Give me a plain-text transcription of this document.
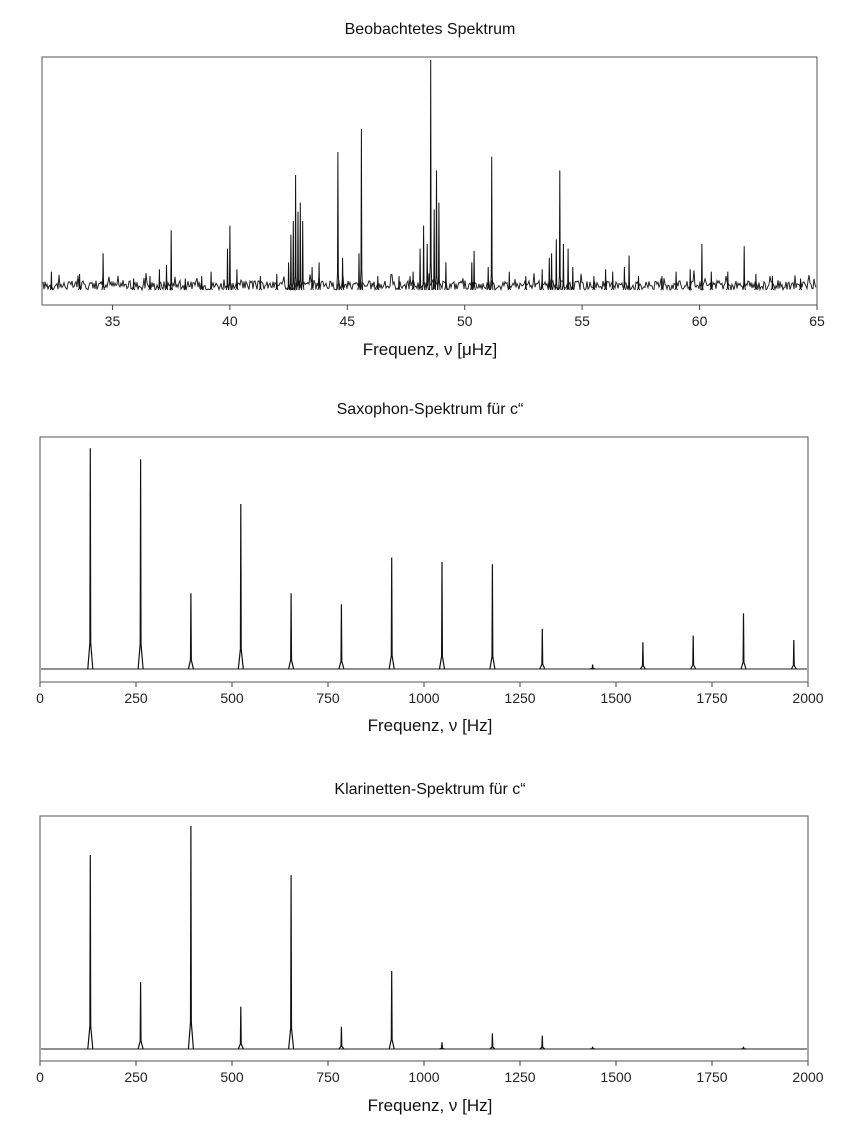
Beobachtetes Spektrum
Frequenz, ν [μHz]
35	40	45	50	55	60	65
Saxophon-Spektrum für c“
Frequenz, ν [Hz]
0	250	500	750	1000	1250	1500	1750	2000
Klarinetten-Spektrum für c“
Frequenz, ν [Hz]
0	250	500	750	1000	1250	1500	1750	2000
